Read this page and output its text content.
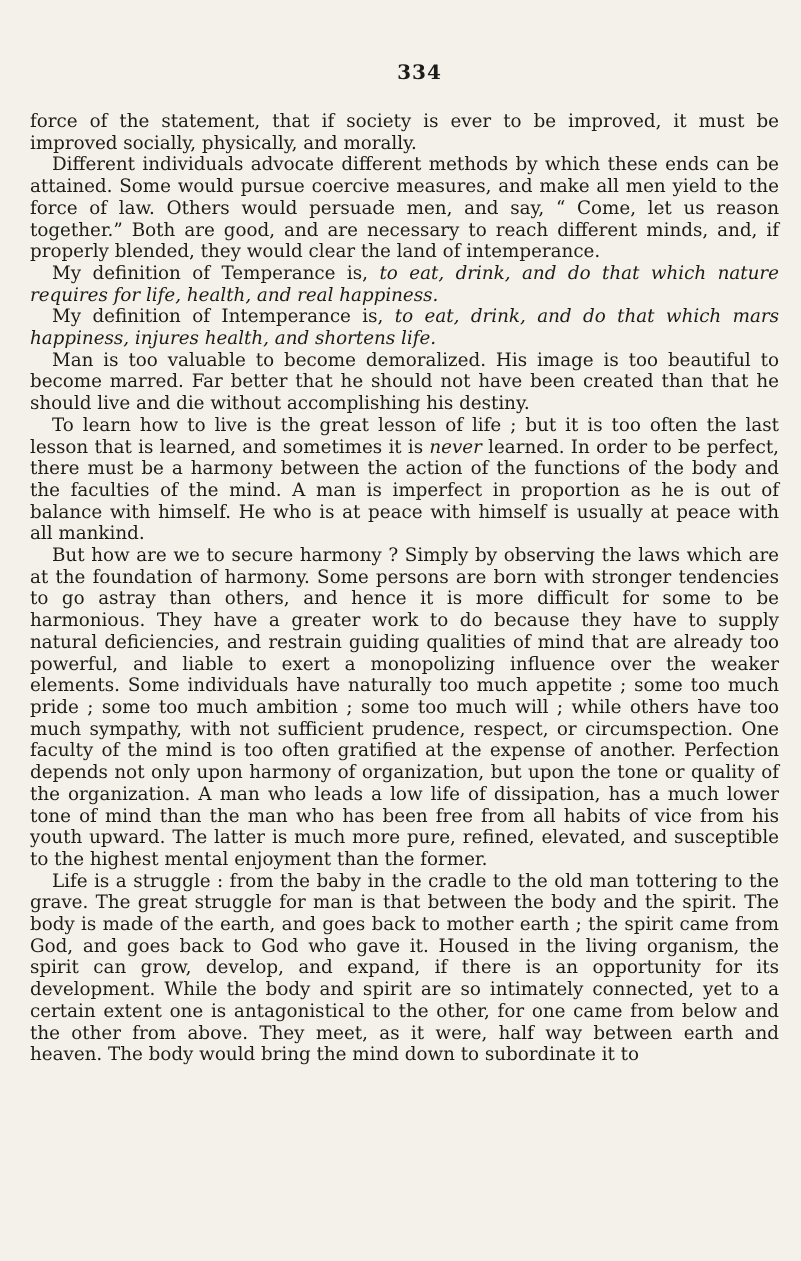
334

force of the statement, that if society is ever to be improved, it must be improved socially, physically, and morally.

Different individuals advocate different methods by which these ends can be attained. Some would pursue coercive measures, and make all men yield to the force of law. Others would persuade men, and say, “ Come, let us reason together.” Both are good, and are necessary to reach different minds, and, if properly blended, they would clear the land of intemperance.

My definition of Temperance is, to eat, drink, and do that which nature requires for life, health, and real happiness.

My definition of Intemperance is, to eat, drink, and do that which mars happiness, injures health, and shortens life.

Man is too valuable to become demoralized. His image is too beautiful to become marred. Far better that he should not have been created than that he should live and die without accomplishing his destiny.

To learn how to live is the great lesson of life ; but it is too often the last lesson that is learned, and sometimes it is never learned. In order to be perfect, there must be a harmony between the action of the functions of the body and the faculties of the mind. A man is imperfect in proportion as he is out of balance with himself. He who is at peace with himself is usually at peace with all mankind.

But how are we to secure harmony ? Simply by observing the laws which are at the foundation of harmony. Some persons are born with stronger tendencies to go astray than others, and hence it is more difficult for some to be harmonious. They have a greater work to do because they have to supply natural deficiencies, and restrain guiding qualities of mind that are already too powerful, and liable to exert a monopolizing influence over the weaker elements. Some individuals have naturally too much appetite ; some too much pride ; some too much ambition ; some too much will ; while others have too much sympathy, with not sufficient prudence, respect, or circumspection. One faculty of the mind is too often gratified at the expense of another. Perfection depends not only upon harmony of organization, but upon the tone or quality of the organization. A man who leads a low life of dissipation, has a much lower tone of mind than the man who has been free from all habits of vice from his youth upward. The latter is much more pure, refined, elevated, and susceptible to the highest mental enjoyment than the former.

Life is a struggle : from the baby in the cradle to the old man tottering to the grave. The great struggle for man is that between the body and the spirit. The body is made of the earth, and goes back to mother earth ; the spirit came from God, and goes back to God who gave it. Housed in the living organism, the spirit can grow, develop, and expand, if there is an opportunity for its development. While the body and spirit are so intimately connected, yet to a certain extent one is antagonistical to the other, for one came from below and the other from above. They meet, as it were, half way between earth and heaven. The body would bring the mind down to subordinate it to
